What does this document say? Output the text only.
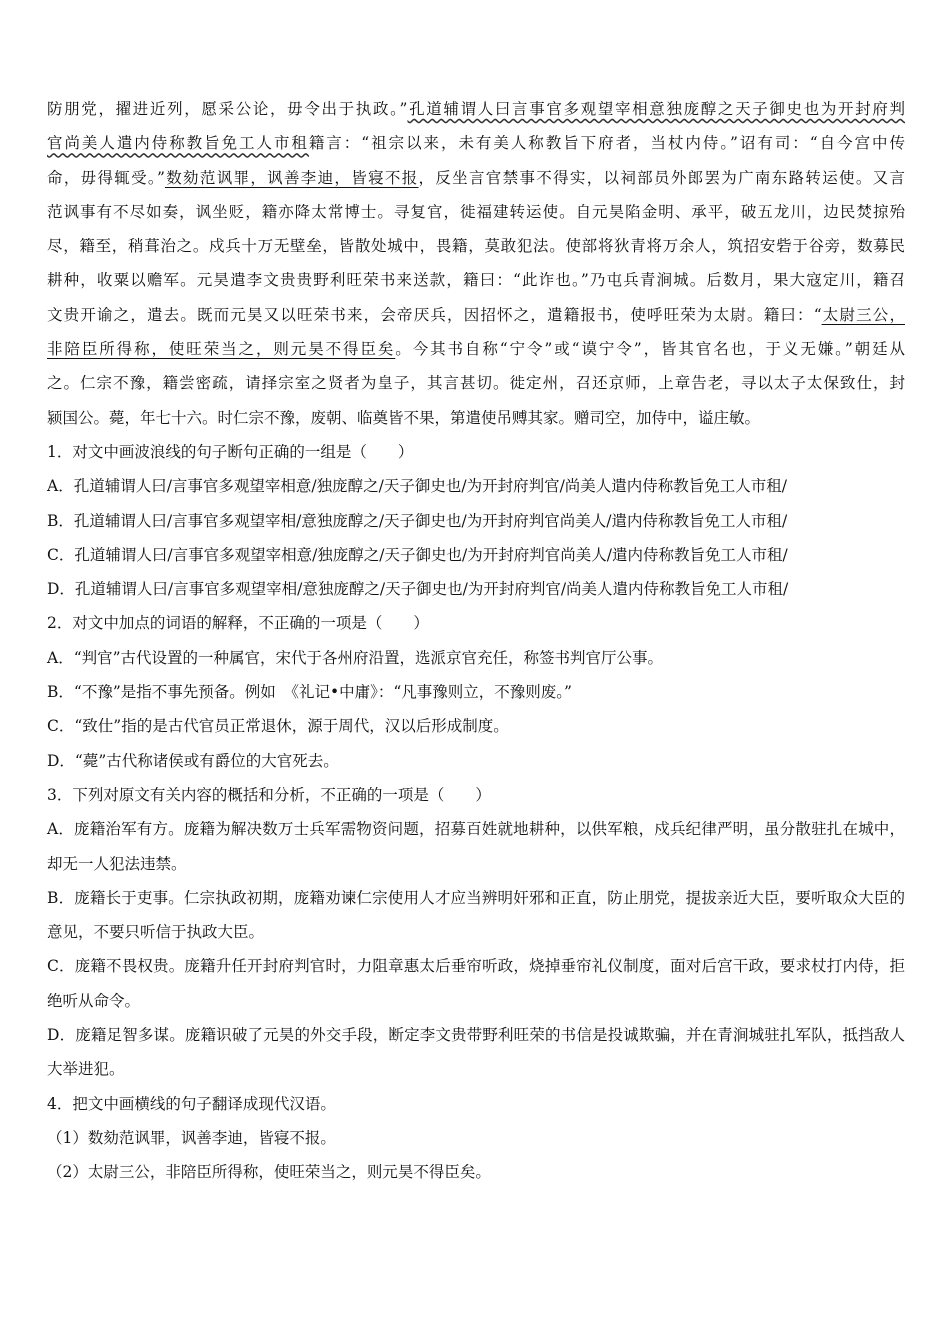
防朋党，擢进近列，愿采公论，毋令出于执政。”孔道辅谓人曰言事官多观望宰相意独庞醇之天子御史也为开封府判

官尚美人遣内侍称教旨免工人市租籍言：“祖宗以来，未有美人称教旨下府者，当杖内侍。”诏有司：“自今宫中传

命，毋得辄受。”数劾范讽罪，讽善李迪，皆寝不报，反坐言官禁事不得实，以祠部员外郎罢为广南东路转运使。又言

范讽事有不尽如奏，讽坐贬，籍亦降太常博士。寻复官，徙福建转运使。自元昊陷金明、承平，破五龙川，边民焚掠殆

尽，籍至，稍葺治之。戍兵十万无壁垒，皆散处城中，畏籍，莫敢犯法。使部将狄青将万余人，筑招安砦于谷旁，数募民

耕种，收粟以赡军。元昊遣李文贵贵野利旺荣书来送款，籍曰：“此诈也。”乃屯兵青涧城。后数月，果大寇定川，籍召

文贵开谕之，遣去。既而元昊又以旺荣书来，会帝厌兵，因招怀之，遣籍报书，使呼旺荣为太尉。籍曰：“太尉三公，

非陪臣所得称，使旺荣当之，则元昊不得臣矣。今其书自称“宁令”或“谟宁令”，皆其官名也，于义无嫌。”朝廷从

之。仁宗不豫，籍尝密疏，请择宗室之贤者为皇子，其言甚切。徙定州，召还京师，上章告老，寻以太子太保致仕，封

颍国公。薨，年七十六。时仁宗不豫，废朝、临奠皆不果，第遣使吊赙其家。赠司空，加侍中，谥庄敏。

1．对文中画波浪线的句子断句正确的一组是（　　）

A．孔道辅谓人曰/言事官多观望宰相意/独庞醇之/天子御史也/为开封府判官/尚美人遣内侍称教旨免工人市租/

B．孔道辅谓人曰/言事官多观望宰相/意独庞醇之/天子御史也/为开封府判官尚美人/遣内侍称教旨免工人市租/

C．孔道辅谓人曰/言事官多观望宰相意/独庞醇之/天子御史也/为开封府判官尚美人/遣内侍称教旨免工人市租/

D．孔道辅谓人曰/言事官多观望宰相/意独庞醇之/天子御史也/为开封府判官/尚美人遣内侍称教旨免工人市租/

2．对文中加点的词语的解释，不正确的一项是（　　）

A．“判官”古代设置的一种属官，宋代于各州府沿置，选派京官充任，称签书判官厅公事。

B．“不豫”是指不事先预备。例如　《礼记•中庸》：“凡事豫则立，不豫则废。”

C．“致仕”指的是古代官员正常退休，源于周代，汉以后形成制度。

D．“薨”古代称诸侯或有爵位的大官死去。

3．下列对原文有关内容的概括和分析，不正确的一项是（　　）

A．庞籍治军有方。庞籍为解决数万士兵军需物资问题，招募百姓就地耕种，以供军粮，戍兵纪律严明，虽分散驻扎在城中，却无一人犯法违禁。

B．庞籍长于吏事。仁宗执政初期，庞籍劝谏仁宗使用人才应当辨明奸邪和正直，防止朋党，提拔亲近大臣，要听取众大臣的意见，不要只听信于执政大臣。

C．庞籍不畏权贵。庞籍升任开封府判官时，力阻章惠太后垂帘听政，烧掉垂帘礼仪制度，面对后宫干政，要求杖打内侍，拒绝听从命令。

D．庞籍足智多谋。庞籍识破了元昊的外交手段，断定李文贵带野利旺荣的书信是投诚欺骗，并在青涧城驻扎军队，抵挡敌人大举进犯。

4．把文中画横线的句子翻译成现代汉语。

（1）数劾范讽罪，讽善李迪，皆寝不报。

（2）太尉三公，非陪臣所得称，使旺荣当之，则元昊不得臣矣。
